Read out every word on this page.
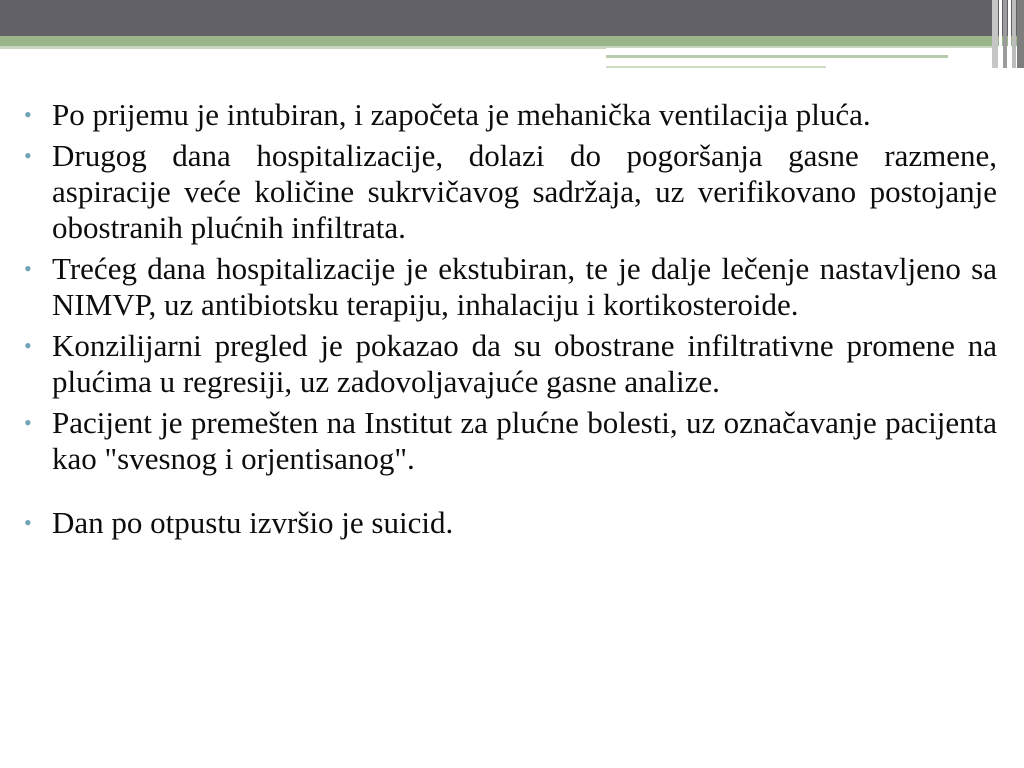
• Po prijemu je intubiran, i započeta je mehanička ventilacija pluća.
• Drugog dana hospitalizacije, dolazi do pogoršanja gasne razmene, aspiracije veće količine sukrvičavog sadržaja, uz verifikovano postojanje obostranih plućnih infiltrata.
• Trećeg dana hospitalizacije je ekstubiran, te je dalje lečenje nastavljeno sa NIMVP, uz antibiotsku terapiju, inhalaciju i kortikosteroide.
• Konzilijarni pregled je pokazao da su obostrane infiltrativne promene na plućima u regresiji, uz zadovoljavajuće gasne analize.
• Pacijent je premešten na Institut za plućne bolesti, uz označavanje pacijenta kao "svesnog i orjentisanog".
• Dan po otpustu izvršio je suicid.
